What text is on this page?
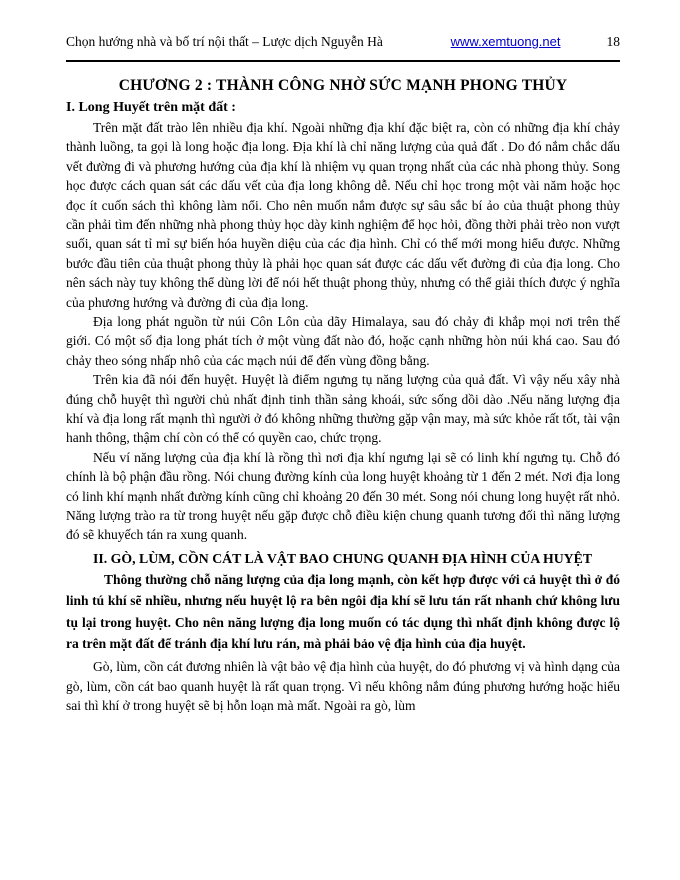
Chọn hướng nhà và bố trí nội thất – Lược dịch Nguyễn Hà	www.xemtuong.net	18
CHƯƠNG 2 : THÀNH CÔNG NHỜ SỨC MẠNH PHONG THỦY
I. Long Huyết trên mặt đất :

Trên mặt đất trào lên nhiều địa khí. Ngoài những địa khí đặc biệt ra, còn có những địa khí chảy thành luồng, ta gọi là long hoặc địa long. Địa khí là chỉ năng lượng của quả đất . Do đó nắm chắc dấu vết đường đi và phương hướng của địa khí là nhiệm vụ quan trọng nhất của các nhà phong thủy. Song học được cách quan sát các dấu vết của địa long không dễ. Nếu chỉ học trong một vài năm hoặc học đọc ít cuốn sách thì không làm nổi. Cho nên muốn nắm được sự sâu sắc bí ảo của thuật phong thủy cần phải tìm đến những nhà phong thủy học dày kinh nghiệm để học hỏi, đồng thời phải trèo non vượt suối, quan sát tỉ mỉ sự biến hóa huyền diệu của các địa hình. Chỉ có thế mới mong hiểu được. Những bước đầu tiên của thuật phong thủy là phải học quan sát được các dấu vết đường đi của địa long. Cho nên sách này tuy không thể dùng lời để nói hết thuật phong thủy, nhưng có thể giải thích được ý nghĩa của phương hướng và đường đi của địa long.

Địa long phát nguồn từ núi Côn Lôn của dãy Himalaya, sau đó chảy đi khắp mọi nơi trên thế giới. Có một số địa long phát tích ở một vùng đất nào đó, hoặc cạnh những hòn núi khá cao. Sau đó chảy theo sóng nhấp nhô của các mạch núi để đến vùng đồng bằng.

Trên kia đã nói đến huyệt. Huyệt là điểm ngưng tụ năng lượng của quả đất. Vì vậy nếu xây nhà đúng chỗ huyệt thì người chủ nhất định tinh thần sảng khoái, sức sống dồi dào .Nếu năng lượng địa khí và địa long rất mạnh thì người ở đó không những thường gặp vận may, mà sức khỏe rất tốt, tài vận hanh thông, thậm chí còn có thể có quyền cao, chức trọng.

Nếu ví năng lượng của địa khí là rồng thì nơi địa khí ngưng lại sẽ có linh khí ngưng tụ. Chỗ đó chính là bộ phận đầu rồng. Nói chung đường kính của long huyệt khoảng từ 1 đến 2 mét. Nơi địa long có linh khí mạnh nhất đường kính cũng chỉ khoảng 20 đến 30 mét. Song nói chung long huyệt rất nhỏ. Năng lượng trào ra từ trong huyệt nếu gặp được chỗ điều kiện chung quanh tương đối thì năng lượng đó sẽ khuyếch tán ra xung quanh.

II. GÒ, LÙM, CỒN CÁT LÀ VẬT BAO CHUNG QUANH ĐỊA HÌNH CỦA HUYỆT

Thông thường chỗ năng lượng của địa long mạnh, còn kết hợp được với cả huyệt thì ở đó linh tú khí sẽ nhiều, nhưng nếu huyệt lộ ra bên ngôi địa khí sẽ lưu tán rất nhanh chứ không lưu tụ lại trong huyệt. Cho nên năng lượng địa long muốn có tác dụng thì nhất định không được lộ ra trên mặt đất để tránh địa khí lưu rán, mà phải bảo vệ địa hình của địa huyệt.

Gò, lùm, cồn cát đương nhiên là vật bảo vệ địa hình của huyệt, do đó phương vị và hình dạng của gò, lùm, cồn cát bao quanh huyệt là rất quan trọng. Vì nếu không nắm đúng phương hướng hoặc hiểu sai thì khí ở trong huyệt sẽ bị hỗn loạn mà mất. Ngoài ra gò, lùm
